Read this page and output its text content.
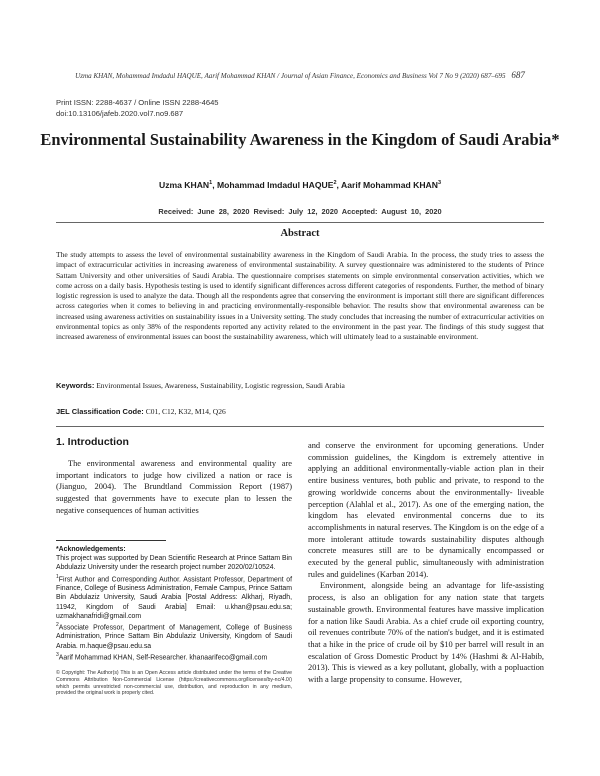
Uzma KHAN, Mohammad Imdadul HAQUE, Aarif Mohammad KHAN / Journal of Asian Finance, Economics and Business Vol 7 No 9 (2020) 687–695 687
Print ISSN: 2288-4637 / Online ISSN 2288-4645
doi:10.13106/jafeb.2020.vol7.no9.687
Environmental Sustainability Awareness in the Kingdom of Saudi Arabia*
Uzma KHAN$^1$, Mohammad Imdadul HAQUE$^2$, Aarif Mohammad KHAN$^3$
Received: June 28, 2020 Revised: July 12, 2020 Accepted: August 10, 2020
Abstract
The study attempts to assess the level of environmental sustainability awareness in the Kingdom of Saudi Arabia. In the process, the study tries to assess the impact of extracurricular activities in increasing awareness of environmental sustainability. A survey questionnaire was administered to the students of Prince Sattam University and other universities of Saudi Arabia. The questionnaire comprises statements on simple environmental conservation activities, which we come across on a daily basis. Hypothesis testing is used to identify significant differences across different categories of respondents. Further, the method of binary logistic regression is used to analyze the data. Though all the respondents agree that conserving the environment is important still there are significant differences across categories when it comes to believing in and practicing environmentally-responsible behavior. The results show that environmental awareness can be increased using awareness activities on sustainability issues in a University setting. The study concludes that increasing the number of extracurricular activities on environmental topics as only 38% of the respondents reported any activity related to the environment in the past year. The findings of this study suggest that increased awareness of environmental issues can boost the sustainability awareness, which will ultimately lead to a sustainable environment.
Keywords: Environmental Issues, Awareness, Sustainability, Logistic regression, Saudi Arabia
JEL Classification Code: C01, C12, K32, M14, Q26
1. Introduction

The environmental awareness and environmental quality are important indicators to judge how civilized a nation or race is (Jianguo, 2004). The Brundtland Commission Report (1987) suggested that governments have to execute plan to lessen the negative consequences of human activities

*Acknowledgements:

This project was supported by Dean Scientific Research at Prince Sattam Bin Abdulaziz University under the research project number 2020/02/10524.

$^1$First Author and Corresponding Author. Assistant Professor, Department of Finance, College of Business Administration, Female Campus, Prince Sattam Bin Abdulaziz University, Saudi Arabia [Postal Address: Alkharj, Riyadh, 11942, Kingdom of Saudi Arabia] Email: u.khan@psau.edu.sa; uzmakhanafridi@gmail.com

$^2$Associate Professor, Department of Management, College of Business Administration, Prince Sattam Bin Abdulaziz University, Kingdom of Saudi Arabia. m.haque@psau.edu.sa

$^3$Aarif Mohammad KHAN, Self-Researcher. khanaarifeco@gmail.com

© Copyright: The Author(s) This is an Open Access article distributed under the terms of the Creative Commons Attribution Non-Commercial License (https://creativecommons.org/licenses/by-nc/4.0/) which permits unrestricted non-commercial use, distribution, and reproduction in any medium, provided the original work is properly cited.

and conserve the environment for upcoming generations. Under commission guidelines, the Kingdom is extremely attentive in applying an additional environmentally-viable action plan in their entire business ventures, both public and private, to respond to the growing worldwide concerns about the environmentally- liveable perception (Alahlal et al., 2017). As one of the emerging nation, the kingdom has elevated environmental concerns due to its accomplishments in natural reserves. The Kingdom is on the edge of a more intolerant attitude towards sustainability disputes although concrete measures still are to be dynamically encompassed or executed by the general public, simultaneously with administration rules and guidelines (Karban 2014).

Environment, alongside being an advantage for life-assisting process, is also an obligation for any nation state that targets sustainable growth. Environmental features have massive implication for a nation like Saudi Arabia. As a chief crude oil exporting country, oil revenues contribute 70% of the nation's budget, and it is estimated that a hike in the price of crude oil by $10 per barrel will result in an escalation of Gross Domestic Product by 14% (Hashmi & Al-Habib, 2013). This is viewed as a key pollutant, globally, with a popluaction with a large propensity to consume. However,
